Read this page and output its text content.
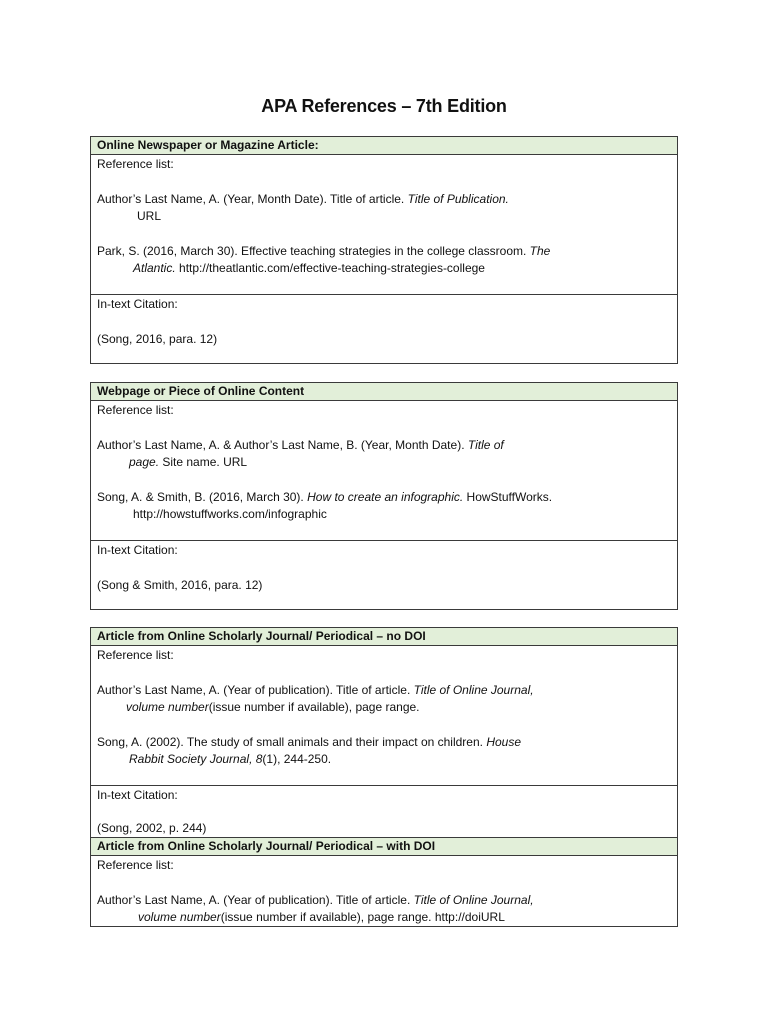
APA References – 7th Edition
Online Newspaper or Magazine Article:
Reference list:
Author’s Last Name, A. (Year, Month Date). Title of article. Title of Publication.
URL
Park, S. (2016, March 30). Effective teaching strategies in the college classroom. The
Atlantic. http://theatlantic.com/effective-teaching-strategies-college
In-text Citation:
(Song, 2016, para. 12)
Webpage or Piece of Online Content
Reference list:
Author’s Last Name, A. & Author’s Last Name, B. (Year, Month Date). Title of
page. Site name. URL
Song, A. & Smith, B. (2016, March 30). How to create an infographic. HowStuffWorks.
http://howstuffworks.com/infographic
In-text Citation:
(Song & Smith, 2016, para. 12)
Article from Online Scholarly Journal/ Periodical – no DOI
Reference list:
Author’s Last Name, A. (Year of publication). Title of article. Title of Online Journal,
volume number(issue number if available), page range.
Song, A. (2002). The study of small animals and their impact on children. House
Rabbit Society Journal, 8(1), 244-250.
In-text Citation:
(Song, 2002, p. 244)
Article from Online Scholarly Journal/ Periodical – with DOI
Reference list:
Author’s Last Name, A. (Year of publication). Title of article. Title of Online Journal,
volume number(issue number if available), page range. http://doiURL
